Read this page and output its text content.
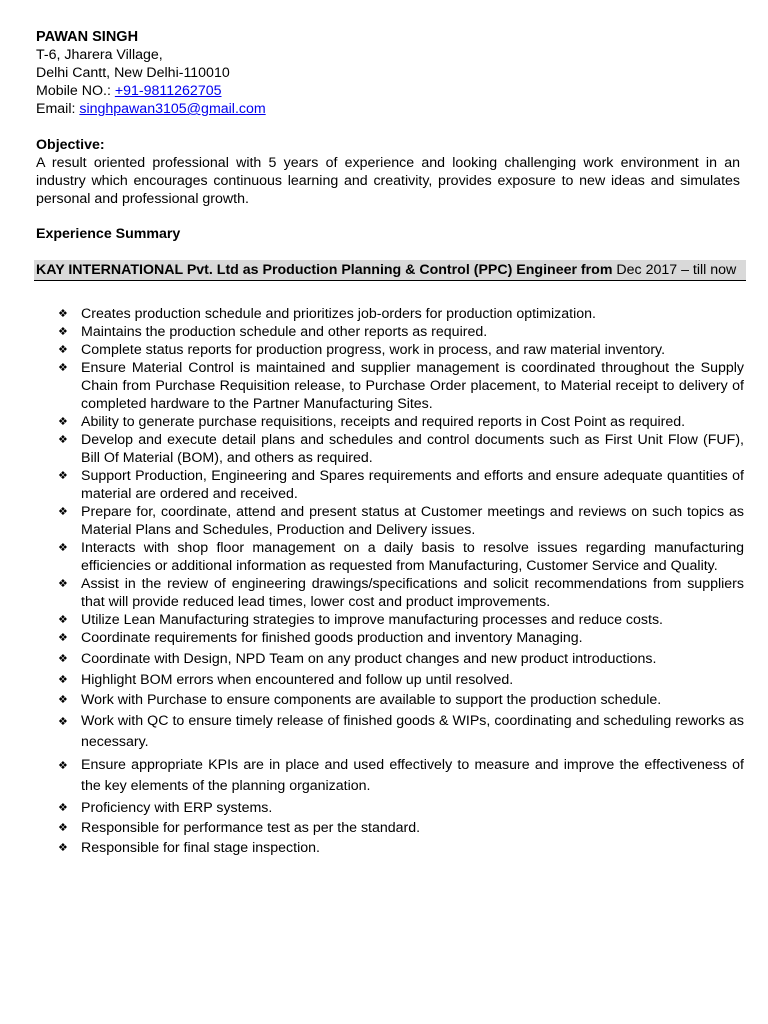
PAWAN SINGH
T-6, Jharera Village,
Delhi Cantt, New Delhi-110010
Mobile NO.: +91-9811262705
Email: singhpawan3105@gmail.com
Objective:
A result oriented professional with 5 years of experience and looking challenging work environment in an industry which encourages continuous learning and creativity, provides exposure to new ideas and simulates personal and professional growth.
Experience Summary
KAY INTERNATIONAL Pvt. Ltd as Production Planning & Control (PPC) Engineer from Dec 2017 – till now
❖ Creates production schedule and prioritizes job-orders for production optimization.
❖ Maintains the production schedule and other reports as required.
❖ Complete status reports for production progress, work in process, and raw material inventory.
❖ Ensure Material Control is maintained and supplier management is coordinated throughout the Supply Chain from Purchase Requisition release, to Purchase Order placement, to Material receipt to delivery of completed hardware to the Partner Manufacturing Sites.
❖ Ability to generate purchase requisitions, receipts and required reports in Cost Point as required.
❖ Develop and execute detail plans and schedules and control documents such as First Unit Flow (FUF), Bill Of Material (BOM), and others as required.
❖ Support Production, Engineering and Spares requirements and efforts and ensure adequate quantities of material are ordered and received.
❖ Prepare for, coordinate, attend and present status at Customer meetings and reviews on such topics as Material Plans and Schedules, Production and Delivery issues.
❖ Interacts with shop floor management on a daily basis to resolve issues regarding manufacturing efficiencies or additional information as requested from Manufacturing, Customer Service and Quality.
❖ Assist in the review of engineering drawings/specifications and solicit recommendations from suppliers that will provide reduced lead times, lower cost and product improvements.
❖ Utilize Lean Manufacturing strategies to improve manufacturing processes and reduce costs.
❖ Coordinate requirements for finished goods production and inventory Managing.
❖ Coordinate with Design, NPD Team on any product changes and new product introductions.
❖ Highlight BOM errors when encountered and follow up until resolved.
❖ Work with Purchase to ensure components are available to support the production schedule.
❖ Work with QC to ensure timely release of finished goods & WIPs, coordinating and scheduling reworks as necessary.
❖ Ensure appropriate KPIs are in place and used effectively to measure and improve the effectiveness of the key elements of the planning organization.
❖ Proficiency with ERP systems.
❖ Responsible for performance test as per the standard.
❖ Responsible for final stage inspection.
